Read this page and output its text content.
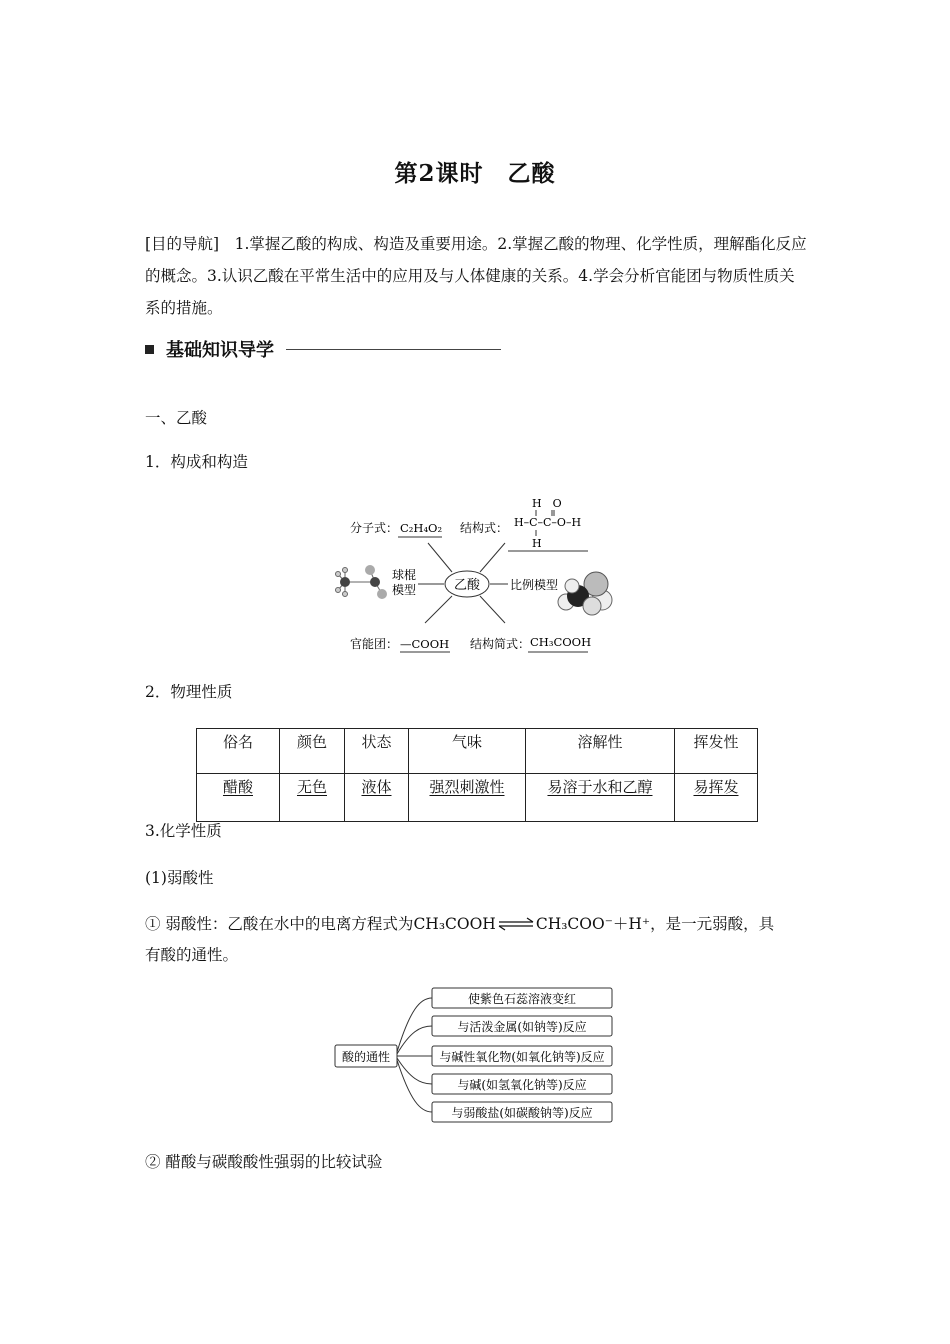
第2课时　乙酸
[目的导航]　1.掌握乙酸的构成、构造及重要用途。2.掌握乙酸的物理、化学性质，理解酯化反应的概念。3.认识乙酸在平常生活中的应用及与人体健康的关系。4.学会分析官能团与物质性质关系的措施。
基础知识导学
一、乙酸
1．构成和构造
乙酸
分子式： C₂H₄O₂ 结构式：
H　O
H–C–C–O–H
H
球棍
模型	比例模型
官能团： —COOH 结构简式： CH₃COOH
2．物理性质
俗名	颜色	状态	气味	溶解性	挥发性
醋酸	无色	液体	强烈刺激性	易溶于水和乙醇	易挥发
3.化学性质
(1)弱酸性
① 弱酸性：乙酸在水中的电离方程式为 CH₃COOH ⇌ CH₃COO⁻＋H⁺ ，是一元弱酸，具
有酸的通性。
酸的通性
使紫色石蕊溶液变红
与活泼金属(如钠等)反应
与碱性氧化物(如氧化钠等)反应
与碱(如氢氧化钠等)反应
与弱酸盐(如碳酸钠等)反应
② 醋酸与碳酸酸性强弱的比较试验
